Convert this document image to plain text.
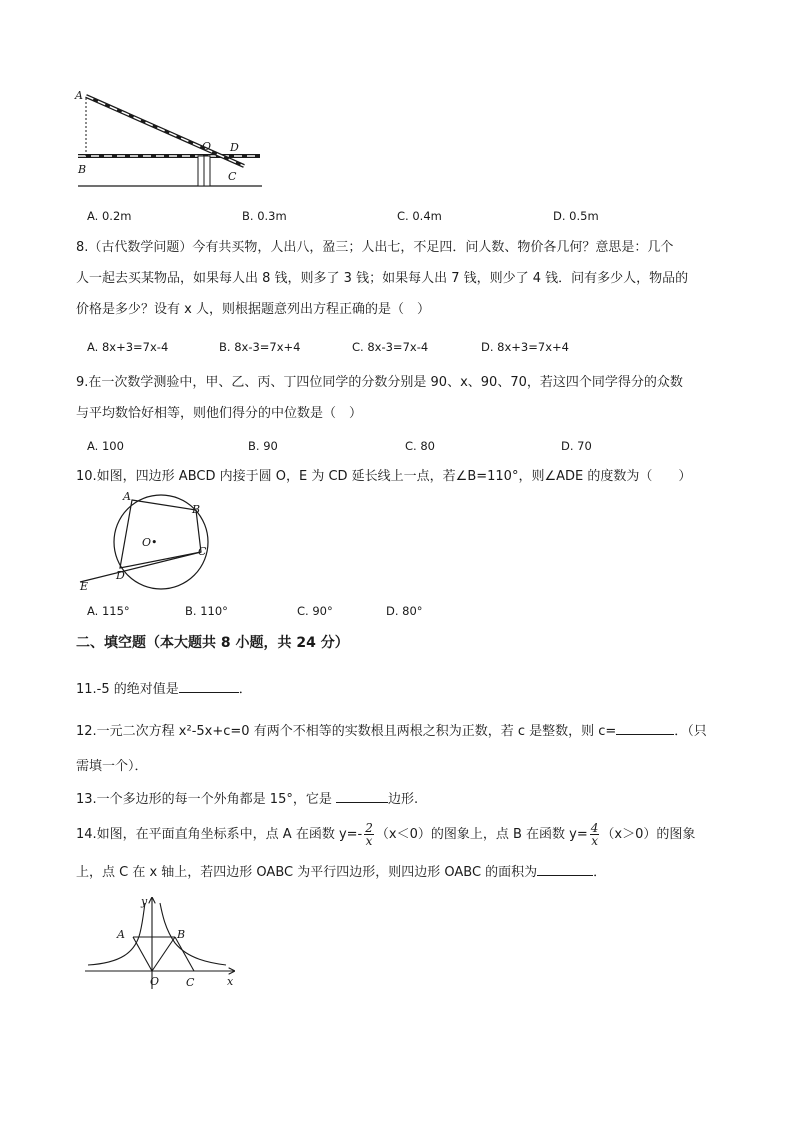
A
O D
B
C
A. 0.2m	B. 0.3m	C. 0.4m	D. 0.5m
8.（古代数学问题）今有共买物，人出八，盈三；人出七，不足四．问人数、物价各几何？意思是：几个
人一起去买某物品，如果每人出 8 钱，则多了 3 钱；如果每人出 7 钱，则少了 4 钱．问有多少人，物品的
价格是多少？设有 x 人，则根据题意列出方程正确的是（　）
A. 8x+3=7x-4	B. 8x-3=7x+4	C. 8x-3=7x-4	D. 8x+3=7x+4
9.在一次数学测验中，甲、乙、丙、丁四位同学的分数分别是 90、x、90、70，若这四个同学得分的众数
与平均数恰好相等，则他们得分的中位数是（　）
A. 100	B. 90	C. 80	D. 70
10.如图，四边形 ABCD 内接于圆 O，E 为 CD 延长线上一点，若∠B=110°，则∠ADE 的度数为（　　）
A
B
O•
C
D
E
A. 115°	B. 110°	C. 90°	D. 80°
二、填空题（本大题共 8 小题，共 24 分）
11.-5 的绝对值是	．
12.一元二次方程 x²-5x+c=0 有两个不相等的实数根且两根之积为正数，若 c 是整数，则 c=	．（只
需填一个）．
13.一个多边形的每一个外角都是 15°，它是	边形.
14.如图，在平面直角坐标系中，点 A 在函数 $y=- \frac{2}{x} (x<0)$的图象上，点 B 在函数 $y= \frac{4}{x} (x>0)$的图象
上，点 C 在 x 轴上，若四边形 OABC 为平行四边形，则四边形 OABC 的面积为	．
y
A	B
O C	x
